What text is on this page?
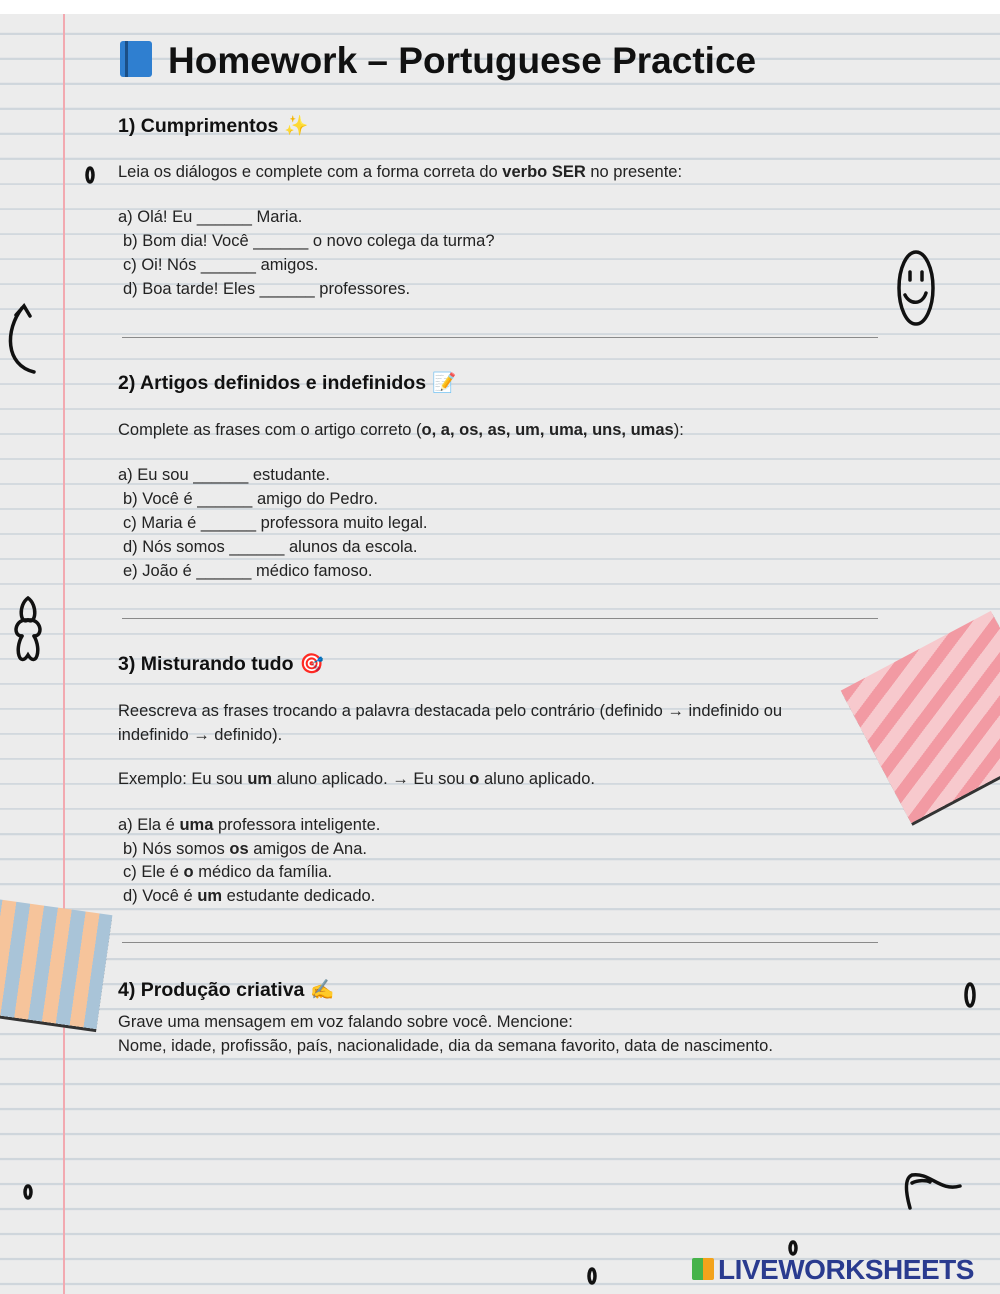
Homework – Portuguese Practice
1) Cumprimentos ✨
Leia os diálogos e complete com a forma correta do verbo SER no presente:
a) Olá! Eu ______ Maria.
b) Bom dia! Você ______ o novo colega da turma?
c) Oi! Nós ______ amigos.
d) Boa tarde! Eles ______ professores.
2) Artigos definidos e indefinidos 📝
Complete as frases com o artigo correto (o, a, os, as, um, uma, uns, umas):
a) Eu sou ______ estudante.
b) Você é ______ amigo do Pedro.
c) Maria é ______ professora muito legal.
d) Nós somos ______ alunos da escola.
e) João é ______ médico famoso.
3) Misturando tudo 🎯
Reescreva as frases trocando a palavra destacada pelo contrário (definido → indefinido ou
indefinido → definido).
Exemplo: Eu sou um aluno aplicado. → Eu sou o aluno aplicado.
a) Ela é uma professora inteligente.
b) Nós somos os amigos de Ana.
c) Ele é o médico da família.
d) Você é um estudante dedicado.
4) Produção criativa ✍
Grave uma mensagem em voz falando sobre você. Mencione:
Nome, idade, profissão, país, nacionalidade, dia da semana favorito, data de nascimento.
LIVEWORKSHEETS
